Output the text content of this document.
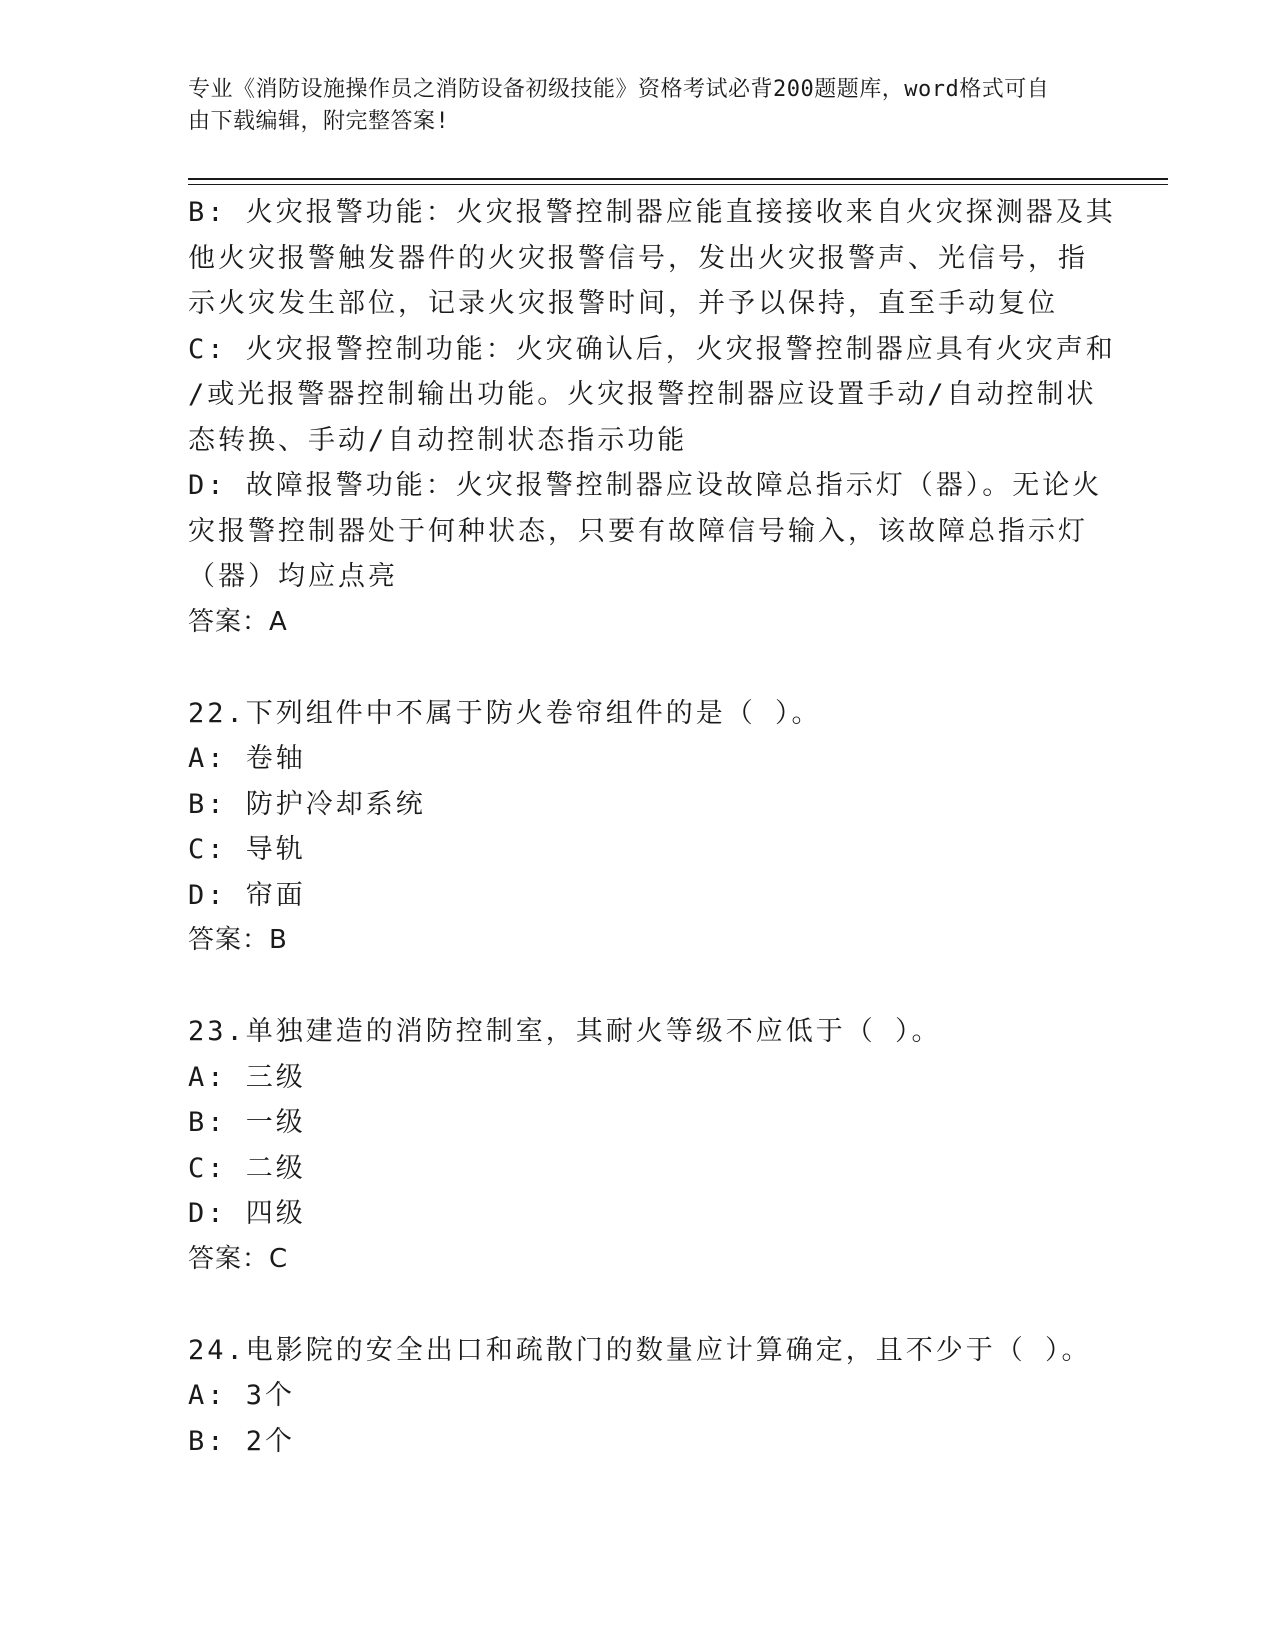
专业《消防设施操作员之消防设备初级技能》资格考试必背200题题库，word格式可自由下载编辑，附完整答案!
B: 火灾报警功能：火灾报警控制器应能直接接收来自火灾探测器及其
他火灾报警触发器件的火灾报警信号，发出火灾报警声、光信号，指
示火灾发生部位，记录火灾报警时间，并予以保持，直至手动复位
C: 火灾报警控制功能：火灾确认后，火灾报警控制器应具有火灾声和
/或光报警器控制输出功能。火灾报警控制器应设置手动/自动控制状
态转换、手动/自动控制状态指示功能
D: 故障报警功能：火灾报警控制器应设故障总指示灯（器）。无论火
灾报警控制器处于何种状态，只要有故障信号输入，该故障总指示灯
（器）均应点亮
答案：A
22.下列组件中不属于防火卷帘组件的是（ ）。
A: 卷轴
B: 防护冷却系统
C: 导轨
D: 帘面
答案：B
23.单独建造的消防控制室，其耐火等级不应低于（ ）。
A: 三级
B: 一级
C: 二级
D: 四级
答案：C
24.电影院的安全出口和疏散门的数量应计算确定，且不少于（ ）。
A: 3个
B: 2个
